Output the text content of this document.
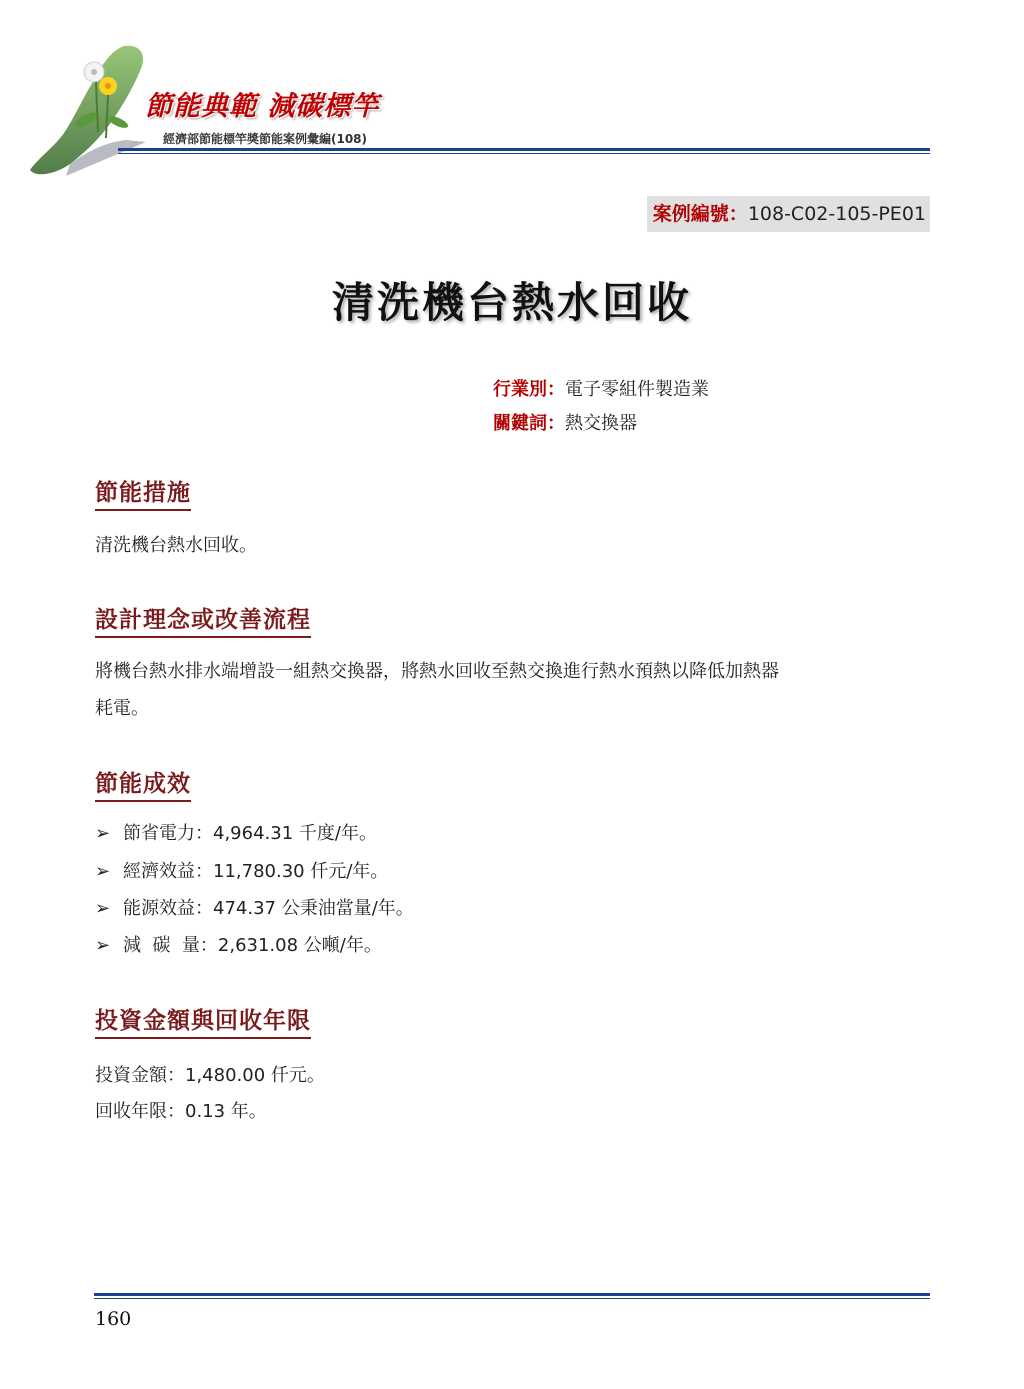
節能典範 減碳標竿
經濟部節能標竿獎節能案例彙編(108)
案例編號：108-C02-105-PE01
清洗機台熱水回收
行業別：電子零組件製造業
關鍵詞：熱交換器
節能措施
清洗機台熱水回收。
設計理念或改善流程
將機台熱水排水端增設一組熱交換器，將熱水回收至熱交換進行熱水預熱以降低加熱器
耗電。
節能成效
➢ 節省電力：4,964.31 千度/年。
➢ 經濟效益：11,780.30 仟元/年。
➢ 能源效益：474.37 公秉油當量/年。
➢ 減  碳  量：2,631.08 公噸/年。
投資金額與回收年限
投資金額：1,480.00 仟元。
回收年限：0.13 年。
160
